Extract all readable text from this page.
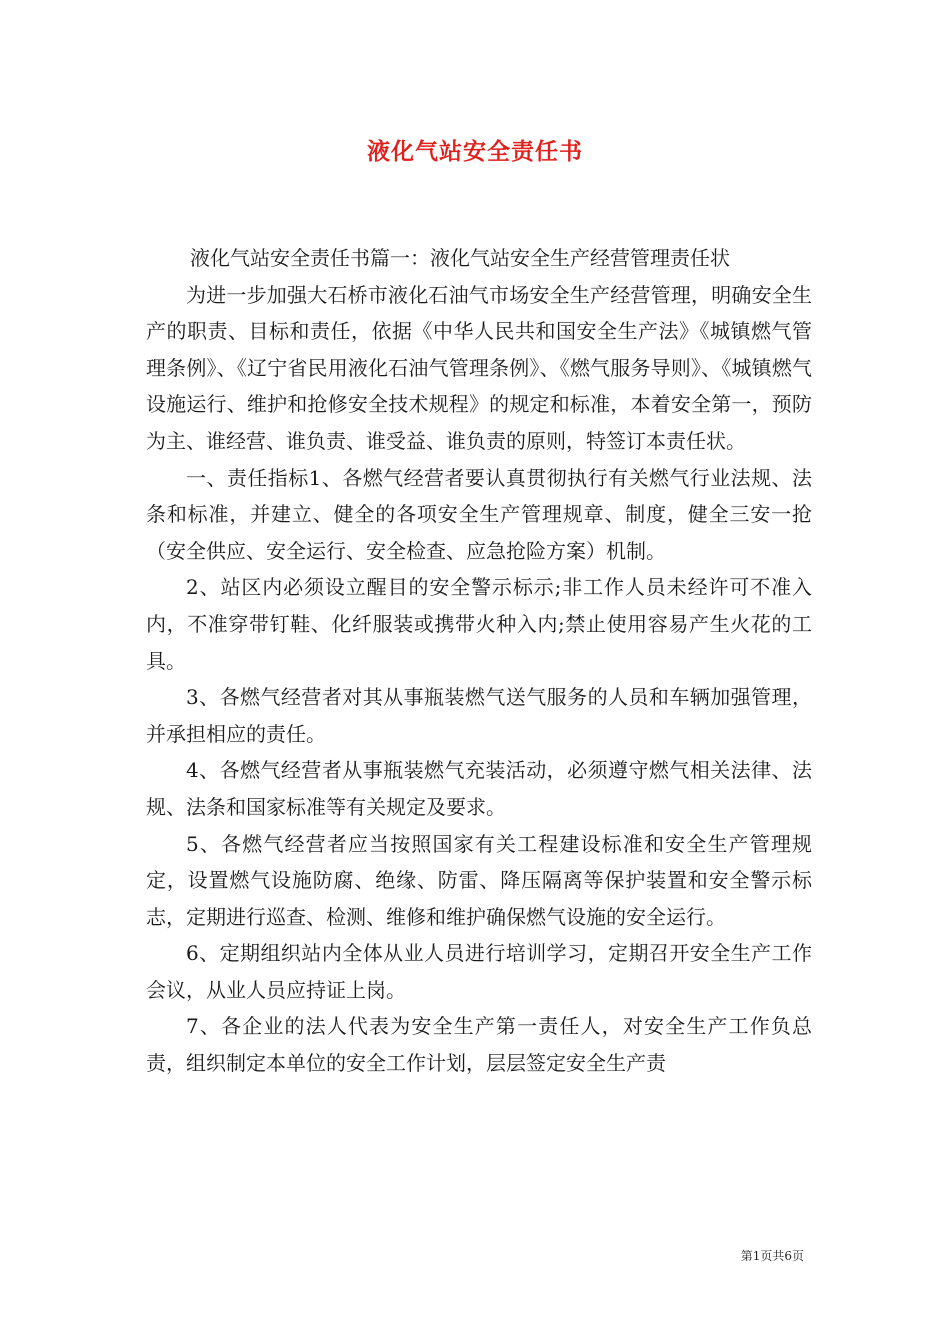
液化气站安全责任书

液化气站安全责任书篇一：液化气站安全生产经营管理责任状

为进一步加强大石桥市液化石油气市场安全生产经营管理，明确安全生产的职责、目标和责任，依据《中华人民共和国安全生产法》《城镇燃气管理条例》、《辽宁省民用液化石油气管理条例》、《燃气服务导则》、《城镇燃气设施运行、维护和抢修安全技术规程》的规定和标准，本着安全第一，预防为主、谁经营、谁负责、谁受益、谁负责的原则，特签订本责任状。

一、责任指标1、各燃气经营者要认真贯彻执行有关燃气行业法规、法条和标准，并建立、健全的各项安全生产管理规章、制度，健全三安一抢（安全供应、安全运行、安全检查、应急抢险方案）机制。

2、站区内必须设立醒目的安全警示标示;非工作人员未经许可不准入内，不准穿带钉鞋、化纤服装或携带火种入内;禁止使用容易产生火花的工具。

3、各燃气经营者对其从事瓶装燃气送气服务的人员和车辆加强管理，并承担相应的责任。

4、各燃气经营者从事瓶装燃气充装活动，必须遵守燃气相关法律、法规、法条和国家标准等有关规定及要求。

5、各燃气经营者应当按照国家有关工程建设标准和安全生产管理规定，设置燃气设施防腐、绝缘、防雷、降压隔离等保护装置和安全警示标志，定期进行巡查、检测、维修和维护确保燃气设施的安全运行。

6、定期组织站内全体从业人员进行培训学习，定期召开安全生产工作会议，从业人员应持证上岗。

7、各企业的法人代表为安全生产第一责任人，对安全生产工作负总责，组织制定本单位的安全工作计划，层层签定安全生产责

第1页共6页
